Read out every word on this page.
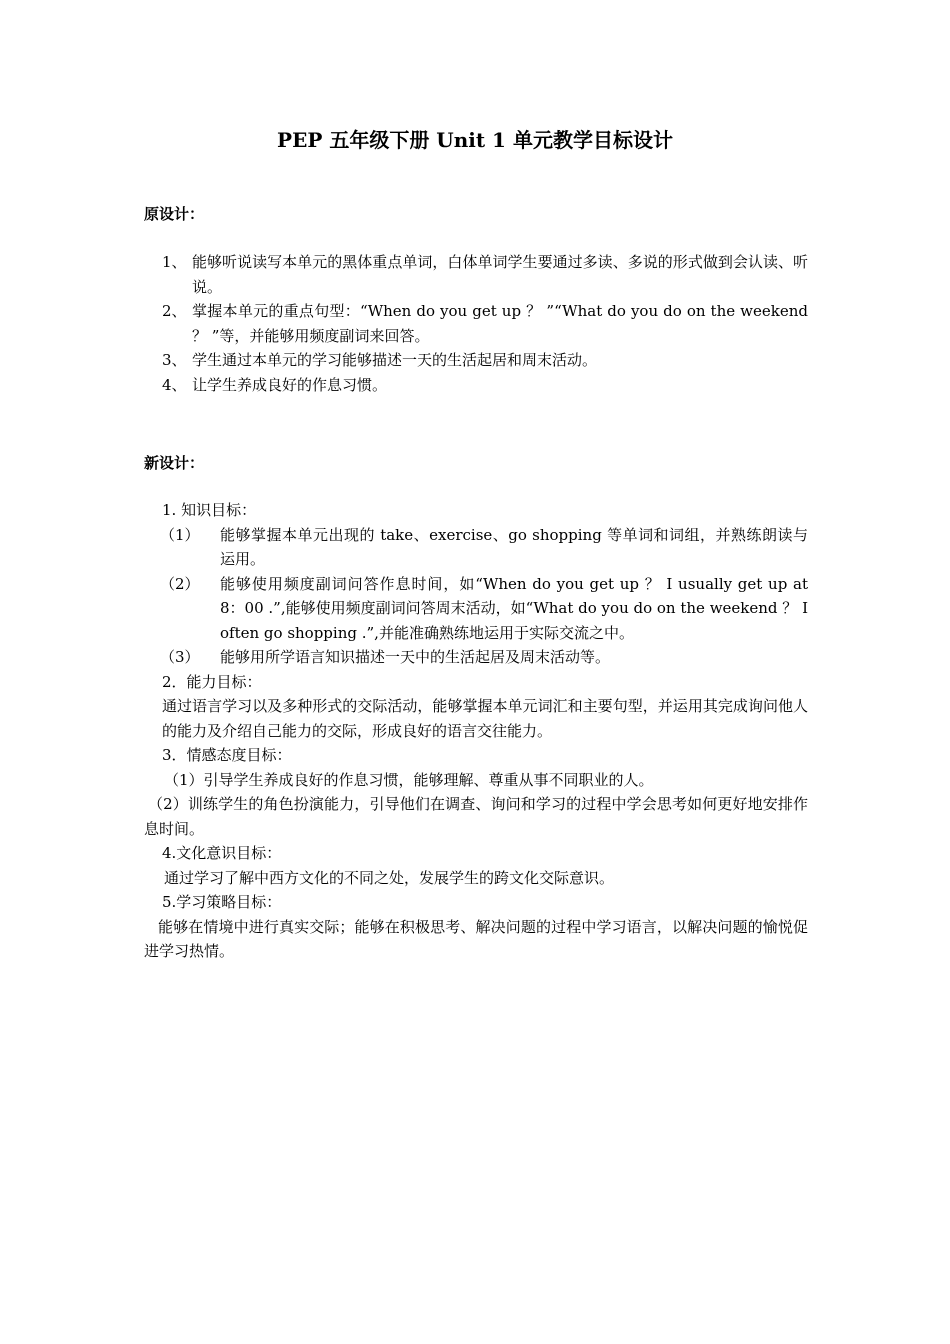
PEP 五年级下册 Unit 1 单元教学目标设计
原设计：
1、 能够听说读写本单元的黑体重点单词，白体单词学生要通过多读、多说的形式做到会认读、听说。
2、 掌握本单元的重点句型：“When do you get up ？ ”“What do you do on the weekend ？ ”等，并能够用频度副词来回答。
3、 学生通过本单元的学习能够描述一天的生活起居和周末活动。
4、 让学生养成良好的作息习惯。
新设计：
1. 知识目标：
（1） 能够掌握本单元出现的 take、exercise、go shopping 等单词和词组，并熟练朗读与运用。
（2） 能够使用频度副词问答作息时间，如“When do you get up ？ I usually get up at 8：00 .”,能够使用频度副词问答周末活动，如“What do you do on the weekend ？ I often go shopping .”,并能准确熟练地运用于实际交流之中。
（3） 能够用所学语言知识描述一天中的生活起居及周末活动等。
2．能力目标：
通过语言学习以及多种形式的交际活动，能够掌握本单元词汇和主要句型，并运用其完成询问他人的能力及介绍自己能力的交际，形成良好的语言交往能力。
3．情感态度目标：
（1）引导学生养成良好的作息习惯，能够理解、尊重从事不同职业的人。
（2）训练学生的角色扮演能力，引导他们在调查、询问和学习的过程中学会思考如何更好地安排作息时间。
4.文化意识目标：
通过学习了解中西方文化的不同之处，发展学生的跨文化交际意识。
5.学习策略目标：
能够在情境中进行真实交际；能够在积极思考、解决问题的过程中学习语言，以解决问题的愉悦促进学习热情。
